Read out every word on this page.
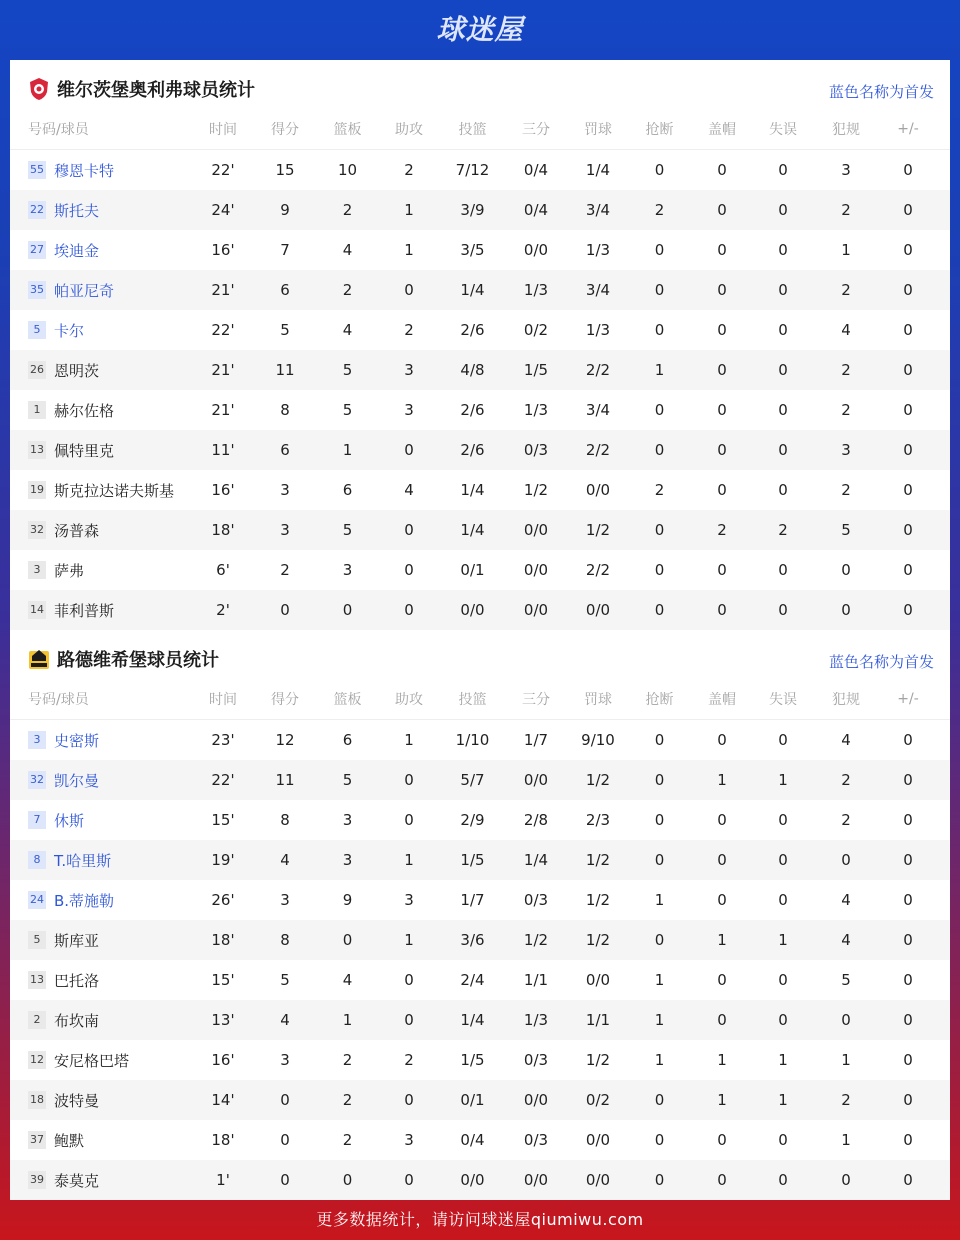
球迷屋
维尔茨堡奥利弗球员统计	蓝色名称为首发
号码/球员	时间	得分	篮板	助攻	投篮	三分	罚球	抢断	盖帽	失误	犯规	+/-
55 穆恩卡特	22'	15	10	2	7/12	0/4	1/4	0	0	0	3	0
22 斯托夫	24'	9	2	1	3/9	0/4	3/4	2	0	0	2	0
27 埃迪金	16'	7	4	1	3/5	0/0	1/3	0	0	0	1	0
35 帕亚尼奇	21'	6	2	0	1/4	1/3	3/4	0	0	0	2	0
5 卡尔	22'	5	4	2	2/6	0/2	1/3	0	0	0	4	0
26 恩明茨	21'	11	5	3	4/8	1/5	2/2	1	0	0	2	0
1 赫尔佐格	21'	8	5	3	2/6	1/3	3/4	0	0	0	2	0
13 佩特里克	11'	6	1	0	2/6	0/3	2/2	0	0	0	3	0
19 斯克拉达诺夫斯基	16'	3	6	4	1/4	1/2	0/0	2	0	0	2	0
32 汤普森	18'	3	5	0	1/4	0/0	1/2	0	2	2	5	0
3 萨弗	6'	2	3	0	0/1	0/0	2/2	0	0	0	0	0
14 菲利普斯	2'	0	0	0	0/0	0/0	0/0	0	0	0	0	0
路德维希堡球员统计	蓝色名称为首发
号码/球员	时间	得分	篮板	助攻	投篮	三分	罚球	抢断	盖帽	失误	犯规	+/-
3 史密斯	23'	12	6	1	1/10	1/7	9/10	0	0	0	4	0
32 凯尔曼	22'	11	5	0	5/7	0/0	1/2	0	1	1	2	0
7 休斯	15'	8	3	0	2/9	2/8	2/3	0	0	0	2	0
8 T.哈里斯	19'	4	3	1	1/5	1/4	1/2	0	0	0	0	0
24 B.蒂施勒	26'	3	9	3	1/7	0/3	1/2	1	0	0	4	0
5 斯库亚	18'	8	0	1	3/6	1/2	1/2	0	1	1	4	0
13 巴托洛	15'	5	4	0	2/4	1/1	0/0	1	0	0	5	0
2 布坎南	13'	4	1	0	1/4	1/3	1/1	1	0	0	0	0
12 安尼格巴塔	16'	3	2	2	1/5	0/3	1/2	1	1	1	1	0
18 波特曼	14'	0	2	0	0/1	0/0	0/2	0	1	1	2	0
37 鲍默	18'	0	2	3	0/4	0/3	0/0	0	0	0	1	0
39 泰莫克	1'	0	0	0	0/0	0/0	0/0	0	0	0	0	0
更多数据统计，请访问球迷屋qiumiwu.com
